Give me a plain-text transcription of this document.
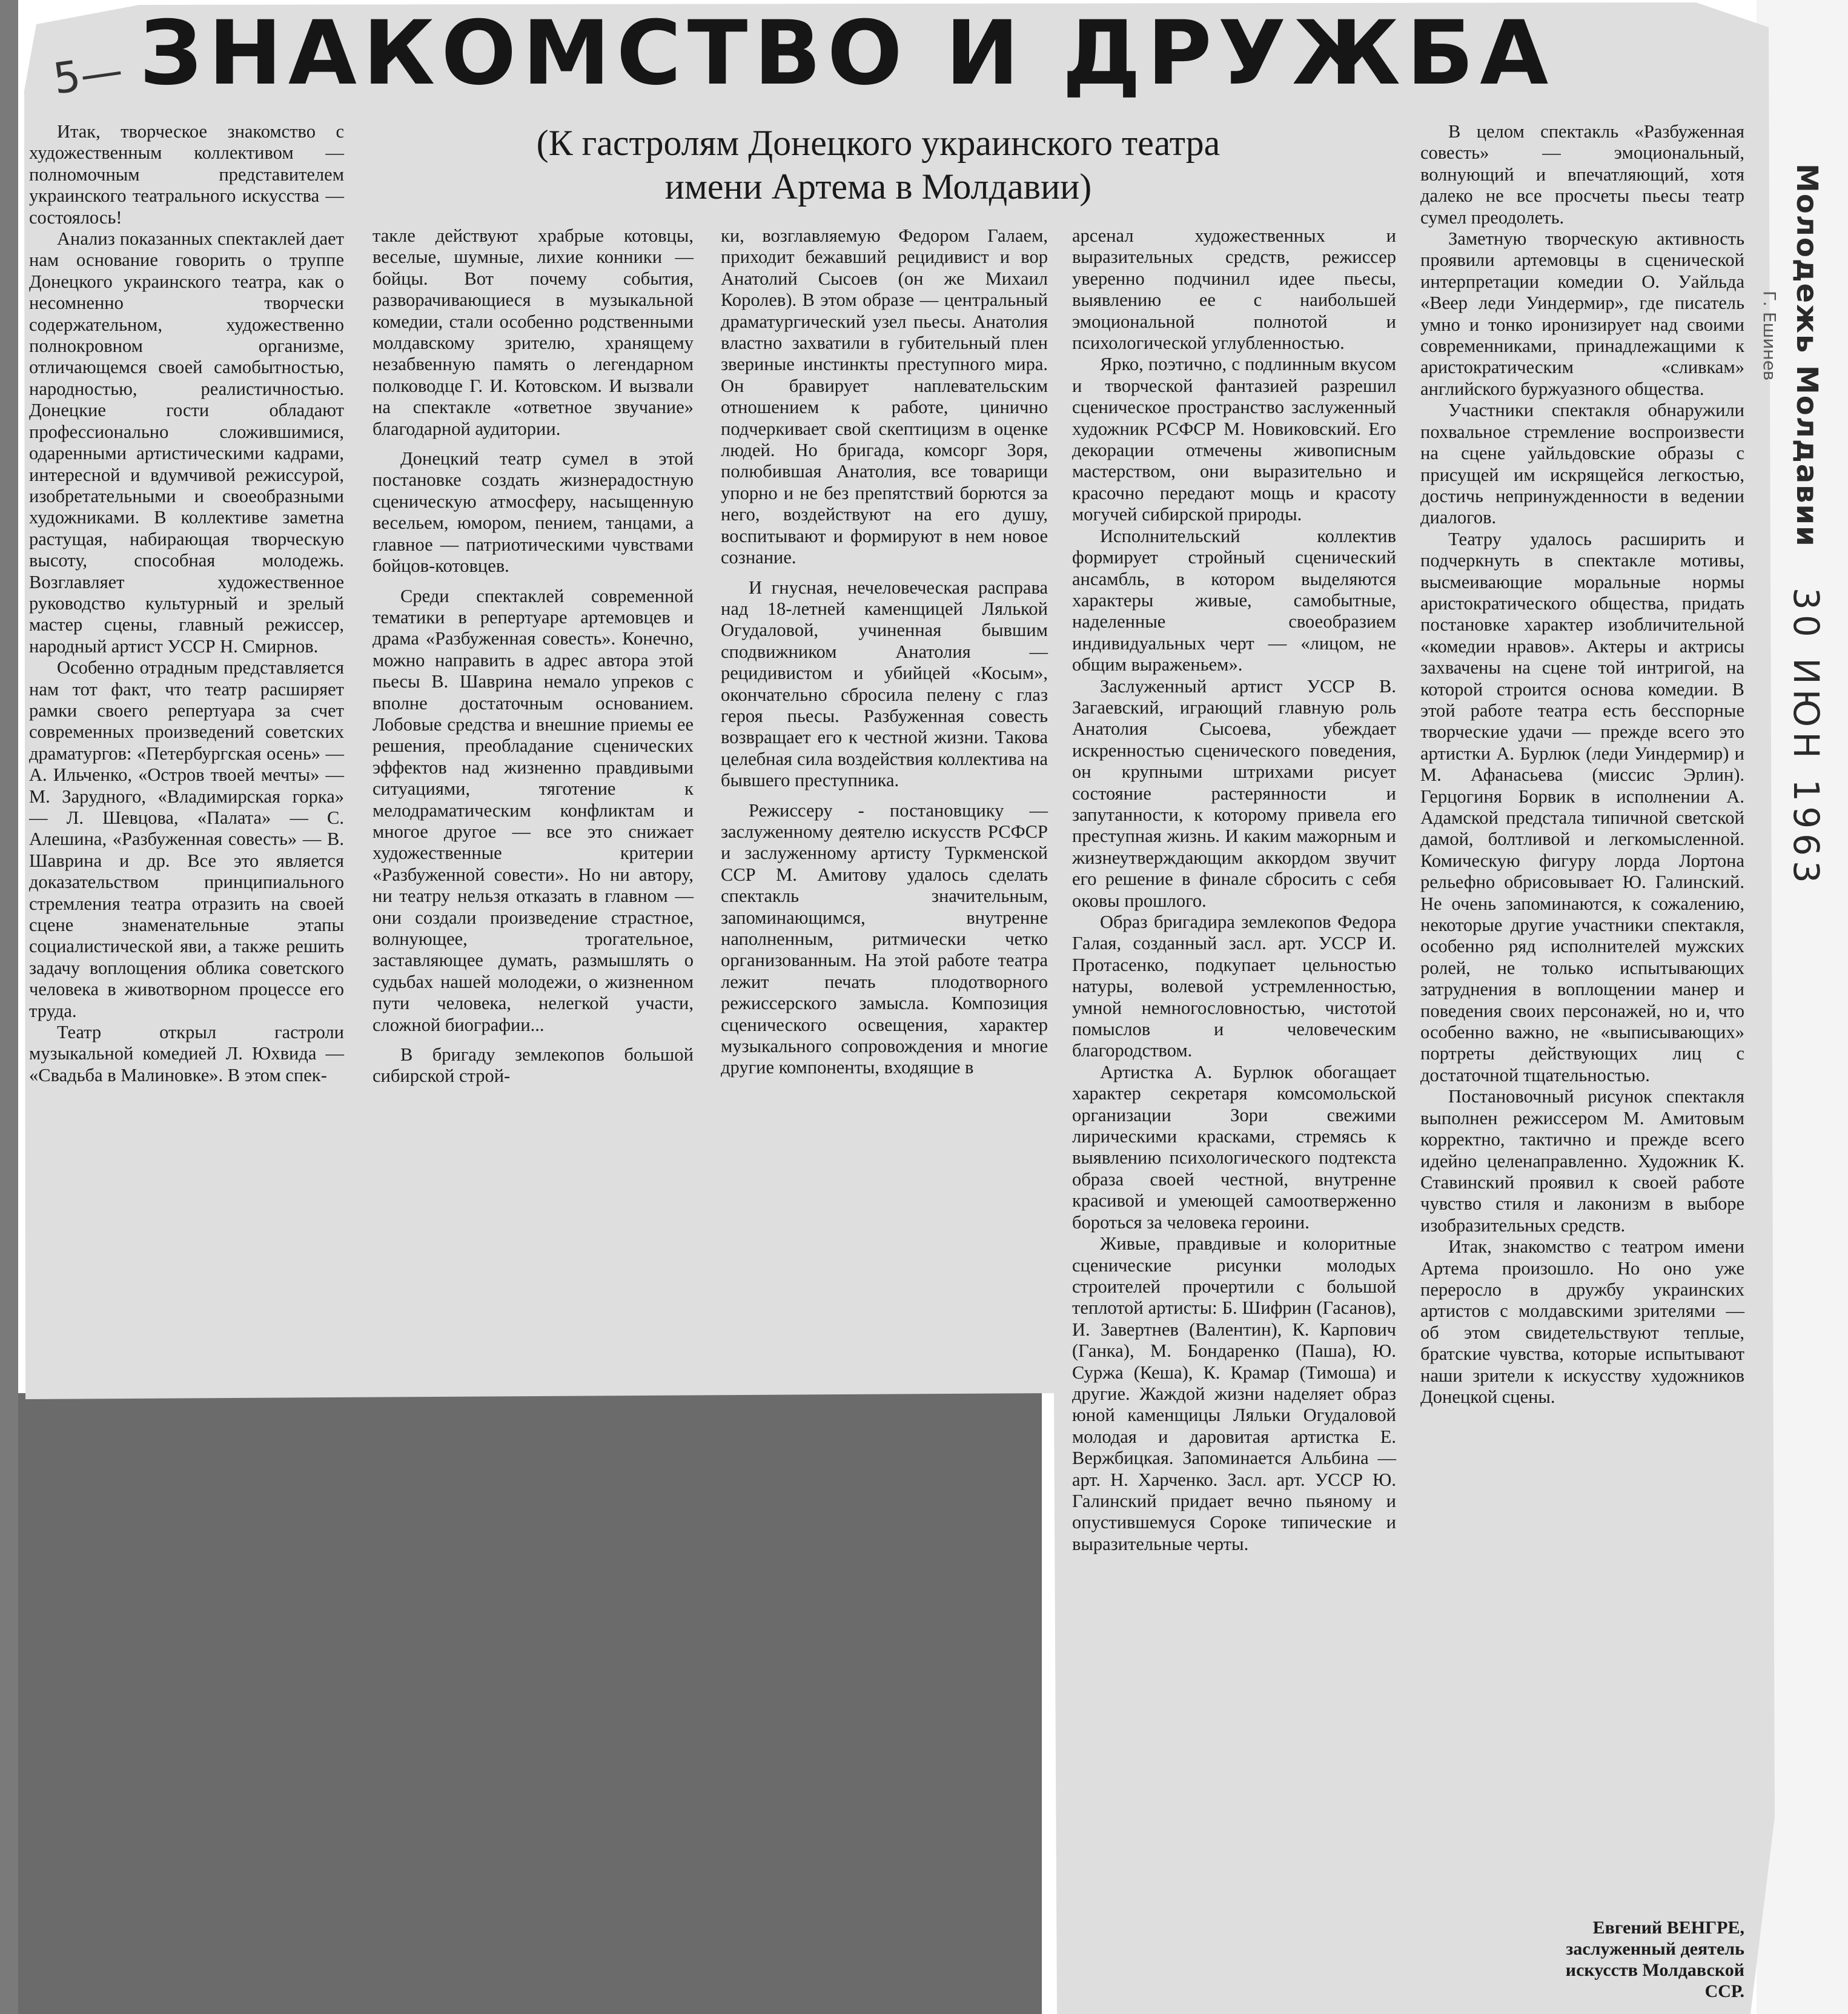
5— ЗНАКОМСТВО И ДРУЖБА
(К гастролям Донецкого украинского театра
имени Артема в Молдавии)

Итак, творческое знакомство с художественным коллективом — полномочным представителем украинского театрального искусства — состоялось!

Анализ показанных спектаклей дает нам основание говорить о труппе Донецкого украинского театра, как о несомненно творчески содержательном, художественно полнокровном организме, отличающемся своей самобытностью, народностью, реалистичностью. Донецкие гости обладают профессионально сложившимися, одаренными артистическими кадрами, интересной и вдумчивой режиссурой, изобретательными и своеобразными художниками. В коллективе заметна растущая, набирающая творческую высоту, способная молодежь. Возглавляет художественное руководство культурный и зрелый мастер сцены, главный режиссер, народный артист УССР Н. Смирнов.

Особенно отрадным представляется нам тот факт, что театр расширяет рамки своего репертуара за счет современных произведений советских драматургов: «Петербургская осень» — А. Ильченко, «Остров твоей мечты» — М. Зарудного, «Владимирская горка» — Л. Шевцова, «Палата» — С. Алешина, «Разбуженная совесть» — В. Шаврина и др. Все это является доказательством принципиального стремления театра отразить на своей сцене знаменательные этапы социалистической яви, а также решить задачу воплощения облика советского человека в животворном процессе его труда.

Театр открыл гастроли музыкальной комедией Л. Юхвида — «Свадьба в Малиновке». В этом спек-

такле действуют храбрые котовцы, веселые, шумные, лихие конники — бойцы. Вот почему события, разворачивающиеся в музыкальной комедии, стали особенно родственными молдавскому зрителю, хранящему незабвенную память о легендарном полководце Г. И. Котовском. И вызвали на спектакле «ответное звучание» благодарной аудитории.

Донецкий театр сумел в этой постановке создать жизнерадостную сценическую атмосферу, насыщенную весельем, юмором, пением, танцами, а главное — патриотическими чувствами бойцов-котовцев.

Среди спектаклей современной тематики в репертуаре артемовцев и драма «Разбуженная совесть». Конечно, можно направить в адрес автора этой пьесы В. Шаврина немало упреков с вполне достаточным основанием. Лобовые средства и внешние приемы ее решения, преобладание сценических эффектов над жизненно правдивыми ситуациями, тяготение к мелодраматическим конфликтам и многое другое — все это снижает художественные критерии «Разбуженной совести». Но ни автору, ни театру нельзя отказать в главном — они создали произведение страстное, волнующее, трогательное, заставляющее думать, размышлять о судьбах нашей молодежи, о жизненном пути человека, нелегкой участи, сложной биографии...

В бригаду землекопов большой сибирской строй-

ки, возглавляемую Федором Галаем, приходит бежавший рецидивист и вор Анатолий Сысоев (он же Михаил Королев). В этом образе — центральный драматургический узел пьесы. Анатолия властно захватили в губительный плен звериные инстинкты преступного мира. Он бравирует наплевательским отношением к работе, цинично подчеркивает свой скептицизм в оценке людей. Но бригада, комсорг Зоря, полюбившая Анатолия, все товарищи упорно и не без препятствий борются за него, воздействуют на его душу, воспитывают и формируют в нем новое сознание.

И гнусная, нечеловеческая расправа над 18-летней каменщицей Лялькой Огудаловой, учиненная бывшим сподвижником Анатолия — рецидивистом и убийцей «Косым», окончательно сбросила пелену с глаз героя пьесы. Разбуженная совесть возвращает его к честной жизни. Такова целебная сила воздействия коллектива на бывшего преступника.

Режиссеру - постановщику — заслуженному деятелю искусств РСФСР и заслуженному артисту Туркменской ССР М. Амитову удалось сделать спектакль значительным, запоминающимся, внутренне наполненным, ритмически четко организованным. На этой работе театра лежит печать плодотворного режиссерского замысла. Композиция сценического освещения, характер музыкального сопровождения и многие другие компоненты, входящие в

арсенал художественных и выразительных средств, режиссер уверенно подчинил идее пьесы, выявлению ее с наибольшей эмоциональной полнотой и психологической углубленностью.

Ярко, поэтично, с подлинным вкусом и творческой фантазией разрешил сценическое пространство заслуженный художник РСФСР М. Новиковский. Его декорации отмечены живописным мастерством, они выразительно и красочно передают мощь и красоту могучей сибирской природы.

Исполнительский коллектив формирует стройный сценический ансамбль, в котором выделяются характеры живые, самобытные, наделенные своеобразием индивидуальных черт — «лицом, не общим выраженьем».

Заслуженный артист УССР В. Загаевский, играющий главную роль Анатолия Сысоева, убеждает искренностью сценического поведения, он крупными штрихами рисует состояние растерянности и запутанности, к которому привела его преступная жизнь. И каким мажорным и жизнеутверждающим аккордом звучит его решение в финале сбросить с себя оковы прошлого.

Образ бригадира землекопов Федора Галая, созданный засл. арт. УССР И. Протасенко, подкупает цельностью натуры, волевой устремленностью, умной немногословностью, чистотой помыслов и человеческим благородством.

Артистка А. Бурлюк обогащает характер секретаря комсомольской организации Зори свежими лирическими красками, стремясь к выявлению психологического подтекста образа своей честной, внутренне красивой и умеющей самоотверженно бороться за человека героини.

Живые, правдивые и колоритные сценические рисунки молодых строителей прочертили с большой теплотой артисты: Б. Шифрин (Гасанов), И. Завертнев (Валентин), К. Карпович (Ганка), М. Бондаренко (Паша), Ю. Суржа (Кеша), К. Крамар (Тимоша) и другие. Жаждой жизни наделяет образ юной каменщицы Ляльки Огудаловой молодая и даровитая артистка Е. Вержбицкая. Запоминается Альбина — арт. Н. Харченко. Засл. арт. УССР Ю. Галинский придает вечно пьяному и опустившемуся Сороке типические и выразительные черты.

В целом спектакль «Разбуженная совесть» — эмоциональный, волнующий и впечатляющий, хотя далеко не все просчеты пьесы театр сумел преодолеть.

Заметную творческую активность проявили артемовцы в сценической интерпретации комедии О. Уайльда «Веер леди Уиндермир», где писатель умно и тонко иронизирует над своими современниками, принадлежащими к аристократическим «сливкам» английского буржуазного общества.

Участники спектакля обнаружили похвальное стремление воспроизвести на сцене уайльдовские образы с присущей им искрящейся легкостью, достичь непринужденности в ведении диалогов.

Театру удалось расширить и подчеркнуть в спектакле мотивы, высмеивающие моральные нормы аристократического общества, придать постановке характер изобличительной «комедии нравов». Актеры и актрисы захвачены на сцене той интригой, на которой строится основа комедии. В этой работе театра есть бесспорные творческие удачи — прежде всего это артистки А. Бурлюк (леди Уиндермир) и М. Афанасьева (миссис Эрлин). Герцогиня Борвик в исполнении А. Адамской предстала типичной светской дамой, болтливой и легкомысленной. Комическую фигуру лорда Лортона рельефно обрисовывает Ю. Галинский. Не очень запоминаются, к сожалению, некоторые другие участники спектакля, особенно ряд исполнителей мужских ролей, не только испытывающих затруднения в воплощении манер и поведения своих персонажей, но и, что особенно важно, не «выписывающих» портреты действующих лиц с достаточной тщательностью.

Постановочный рисунок спектакля выполнен режиссером М. Амитовым корректно, тактично и прежде всего идейно целенаправленно. Художник К. Ставинский проявил к своей работе чувство стиля и лаконизм в выборе изобразительных средств.

Итак, знакомство с театром имени Артема произошло. Но оно уже переросло в дружбу украинских артистов с молдавскими зрителями — об этом свидетельствуют теплые, братские чувства, которые испытывают наши зрители к искусству художников Донецкой сцены.

Евгений ВЕНГРЕ,
заслуженный деятель
искусств Молдавской
ССР.
Молодежь Молдавии
Г. Ешинев
30 ИЮН 1963
